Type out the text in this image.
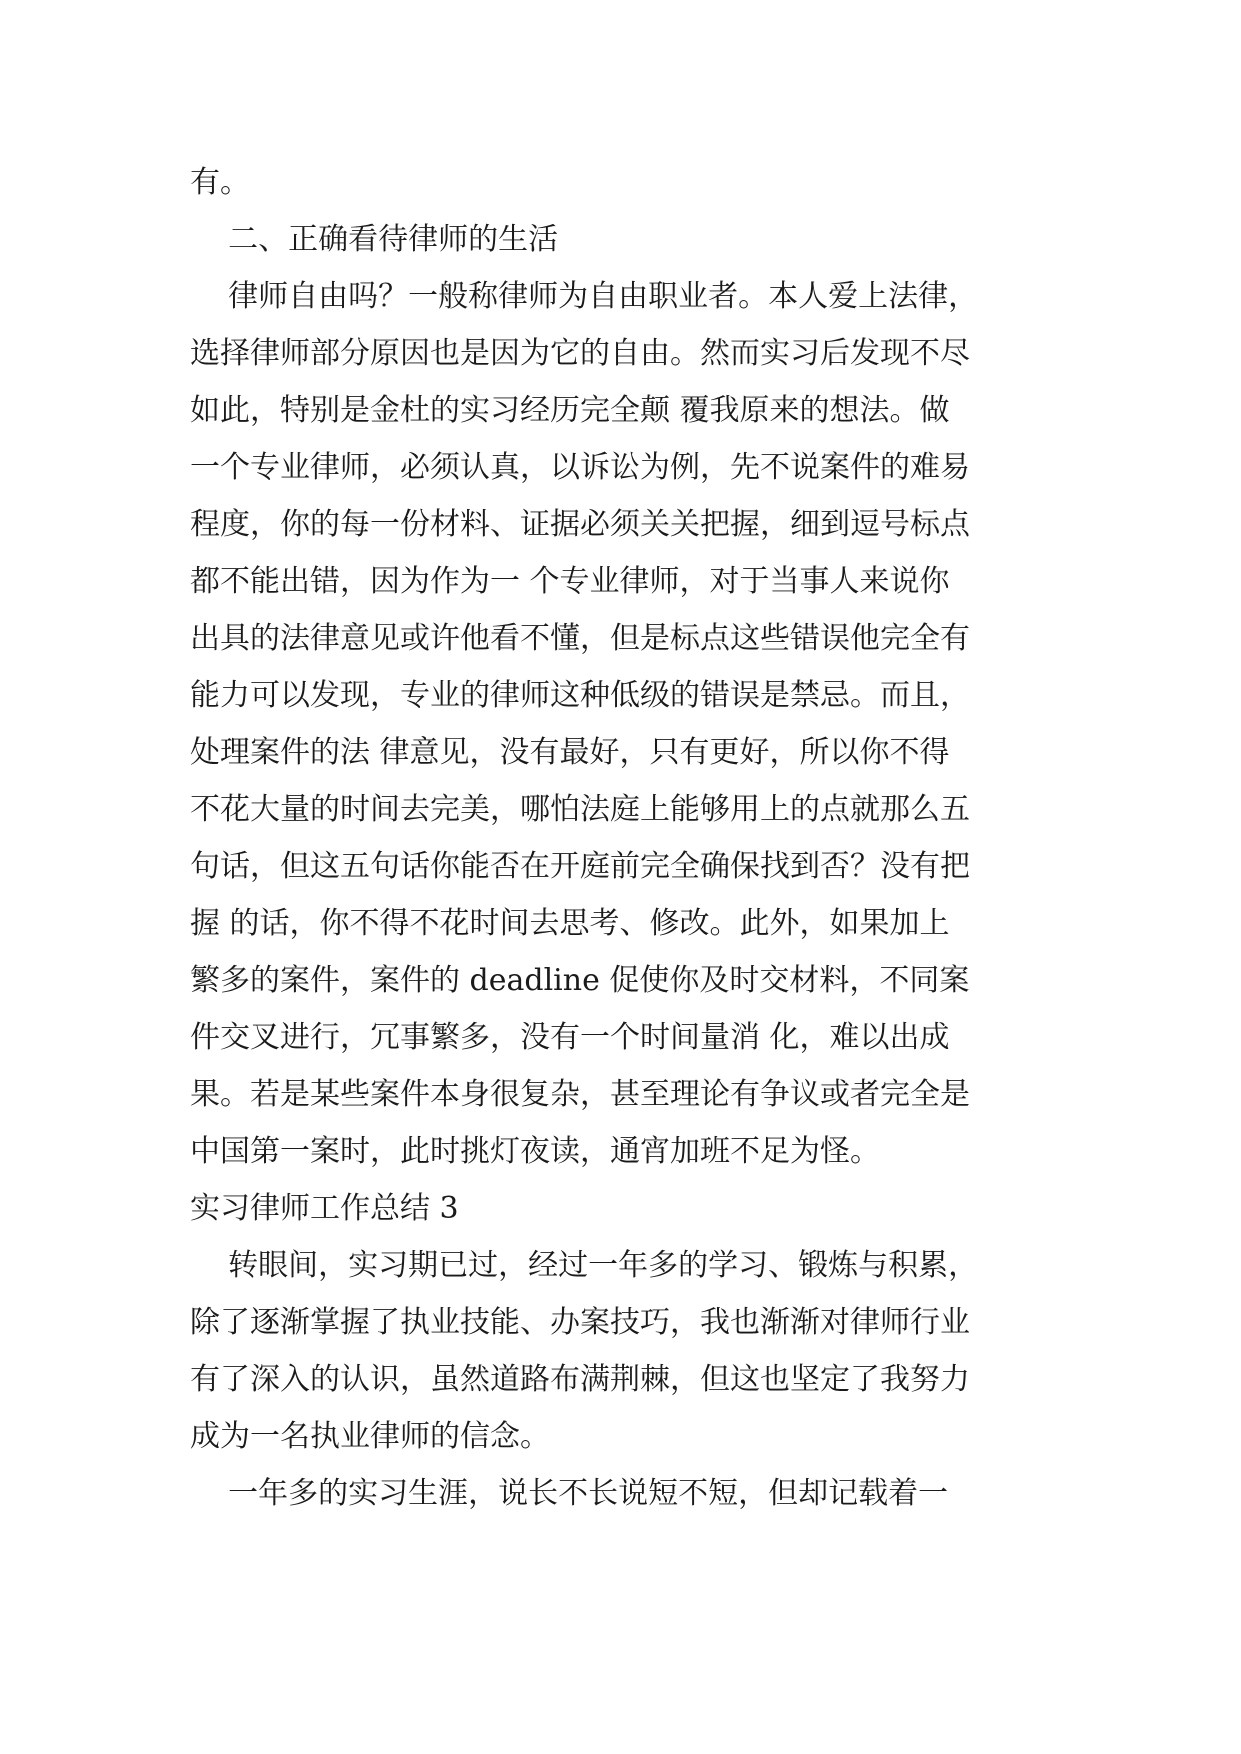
有。

二、正确看待律师的生活

律师自由吗？一般称律师为自由职业者。本人爱上法律，

选择律师部分原因也是因为它的自由。然而实习后发现不尽

如此，特别是金杜的实习经历完全颠 覆我原来的想法。做

一个专业律师，必须认真，以诉讼为例，先不说案件的难易

程度，你的每一份材料、证据必须关关把握，细到逗号标点

都不能出错，因为作为一 个专业律师，对于当事人来说你

出具的法律意见或许他看不懂，但是标点这些错误他完全有

能力可以发现，专业的律师这种低级的错误是禁忌。而且，

处理案件的法 律意见，没有最好，只有更好，所以你不得

不花大量的时间去完美，哪怕法庭上能够用上的点就那么五

句话，但这五句话你能否在开庭前完全确保找到否？没有把

握 的话，你不得不花时间去思考、修改。此外，如果加上

繁多的案件，案件的 deadline 促使你及时交材料，不同案

件交叉进行，冗事繁多，没有一个时间量消 化，难以出成

果。若是某些案件本身很复杂，甚至理论有争议或者完全是

中国第一案时，此时挑灯夜读，通宵加班不足为怪。

实习律师工作总结 3

转眼间，实习期已过，经过一年多的学习、锻炼与积累，

除了逐渐掌握了执业技能、办案技巧，我也渐渐对律师行业

有了深入的认识，虽然道路布满荆棘，但这也坚定了我努力

成为一名执业律师的信念。

一年多的实习生涯，说长不长说短不短，但却记载着一
